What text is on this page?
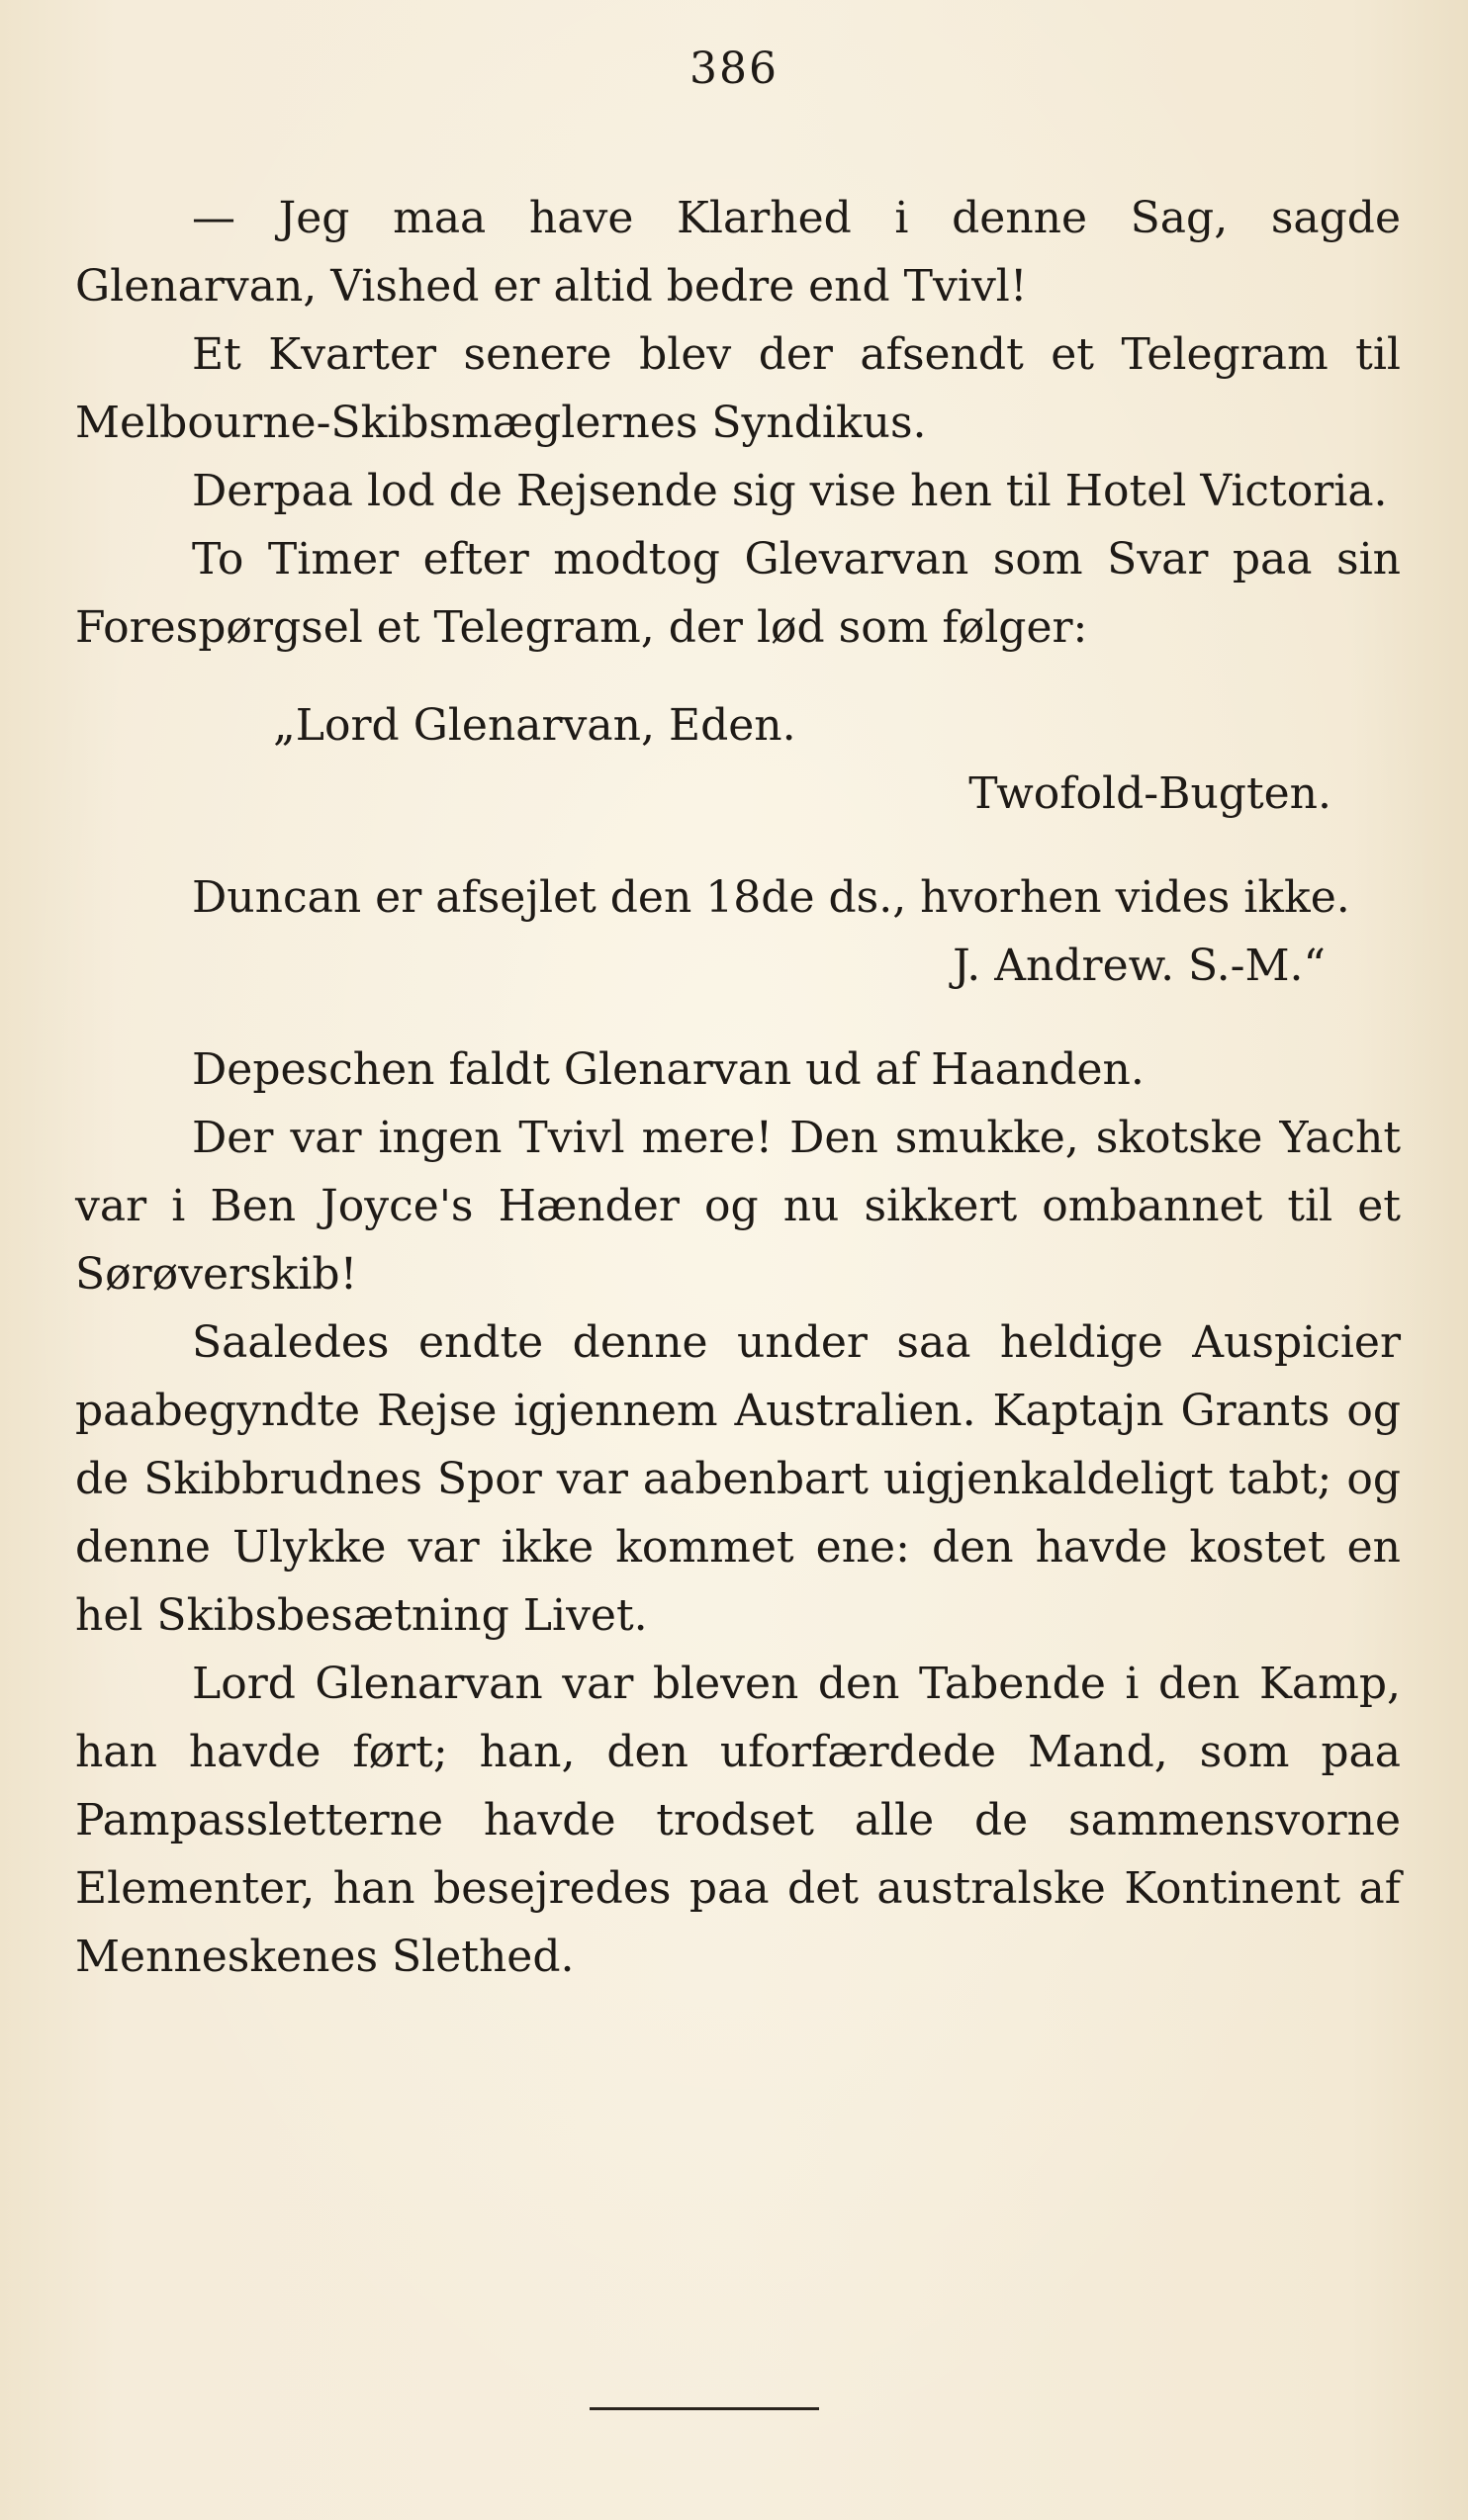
386

— Jeg maa have Klarhed i denne Sag, sagde Glenarvan, Vished er altid bedre end Tvivl!

Et Kvarter senere blev der afsendt et Telegram til Melbourne-Skibsmæglernes Syndikus.

Derpaa lod de Rejsende sig vise hen til Hotel Victoria.

To Timer efter modtog Glevarvan som Svar paa sin Forespørgsel et Telegram, der lød som følger:

„Lord Glenarvan, Eden.
Twofold-Bugten.

Duncan er afsejlet den 18de ds., hvorhen vides ikke.

J. Andrew. S.-M.“

Depeschen faldt Glenarvan ud af Haanden.

Der var ingen Tvivl mere! Den smukke, skotske Yacht var i Ben Joyce's Hænder og nu sikkert ombannet til et Sørøverskib!

Saaledes endte denne under saa heldige Auspicier paabegyndte Rejse igjennem Australien. Kaptajn Grants og de Skibbrudnes Spor var aabenbart uigjenkaldeligt tabt; og denne Ulykke var ikke kommet ene: den havde kostet en hel Skibsbesætning Livet.

Lord Glenarvan var bleven den Tabende i den Kamp, han havde ført; han, den uforfærdede Mand, som paa Pampassletterne havde trodset alle de sammensvorne Elementer, han besejredes paa det australske Kontinent af Menneskenes Slethed.
